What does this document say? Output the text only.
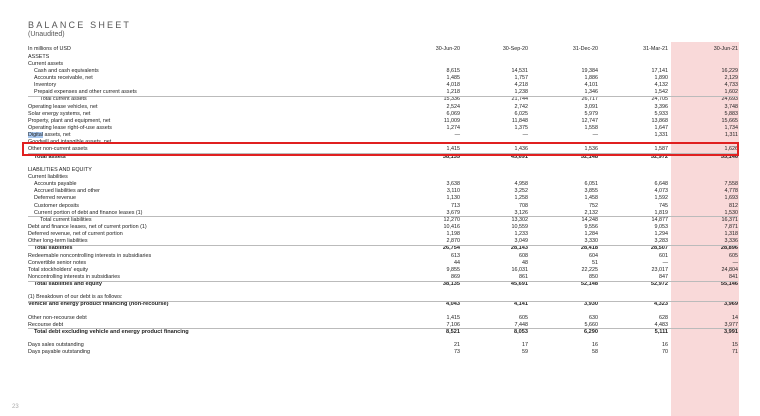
BALANCE SHEET
(Unaudited)
In millions of USD	30-Jun-20	30-Sep-20	31-Dec-20	31-Mar-21	30-Jun-21
ASSETS
Current assets
Cash and cash equivalents	8,615	14,531	19,384	17,141	16,229
Accounts receivable, net	1,485	1,757	1,886	1,890	2,129
Inventory	4,018	4,218	4,101	4,132	4,733
Prepaid expenses and other current assets	1,218	1,238	1,346	1,542	1,602
Total current assets	15,336	21,744	26,717	24,705	24,693
Operating lease vehicles, net	2,524	2,742	3,091	3,396	3,748
Solar energy systems, net	6,069	6,025	5,979	5,933	5,883
Property, plant and equipment, net	11,009	11,848	12,747	13,868	15,665
Operating lease right-of-use assets	1,274	1,375	1,558	1,647	1,734
Digital assets, net	—	—	—	1,331	1,311
Goodwill and intangible assets, net
Other non-current assets	1,415	1,436	1,536	1,587	1,626
Total assets	38,135	45,691	52,148	52,972	55,146
LIABILITIES AND EQUITY
Current liabilities
Accounts payable	3,638	4,958	6,051	6,648	7,558
Accrued liabilities and other	3,110	3,252	3,855	4,073	4,778
Deferred revenue	1,130	1,258	1,458	1,592	1,693
Customer deposits	713	708	752	745	812
Current portion of debt and finance leases (1)	3,679	3,126	2,132	1,819	1,530
Total current liabilities	12,270	13,302	14,248	14,877	16,371
Debt and finance leases, net of current portion (1)	10,416	10,559	9,556	9,053	7,871
Deferred revenue, net of current portion	1,198	1,233	1,284	1,294	1,318
Other long-term liabilities	2,870	3,049	3,330	3,283	3,336
Total liabilities	26,754	28,143	28,418	28,507	28,896
Redeemable noncontrolling interests in subsidiaries	613	608	604	601	605
Convertible senior notes	44	48	51	—	—
Total stockholders' equity	9,855	16,031	22,225	23,017	24,804
Noncontrolling interests in subsidiaries	869	861	850	847	841
Total liabilities and equity	38,135	45,691	52,148	52,972	55,146
(1) Breakdown of our debt is as follows:
Vehicle and energy product financing (non-recourse)	4,043	4,141	3,930	4,323	3,969
Other non-recourse debt	1,415	605	630	628	14
Recourse debt	7,106	7,448	5,660	4,483	3,977
Total debt excluding vehicle and energy product financing	8,521	8,053	6,290	5,111	3,991
Days sales outstanding	21	17	16	16	15
Days payable outstanding	73	59	58	70	71
23
